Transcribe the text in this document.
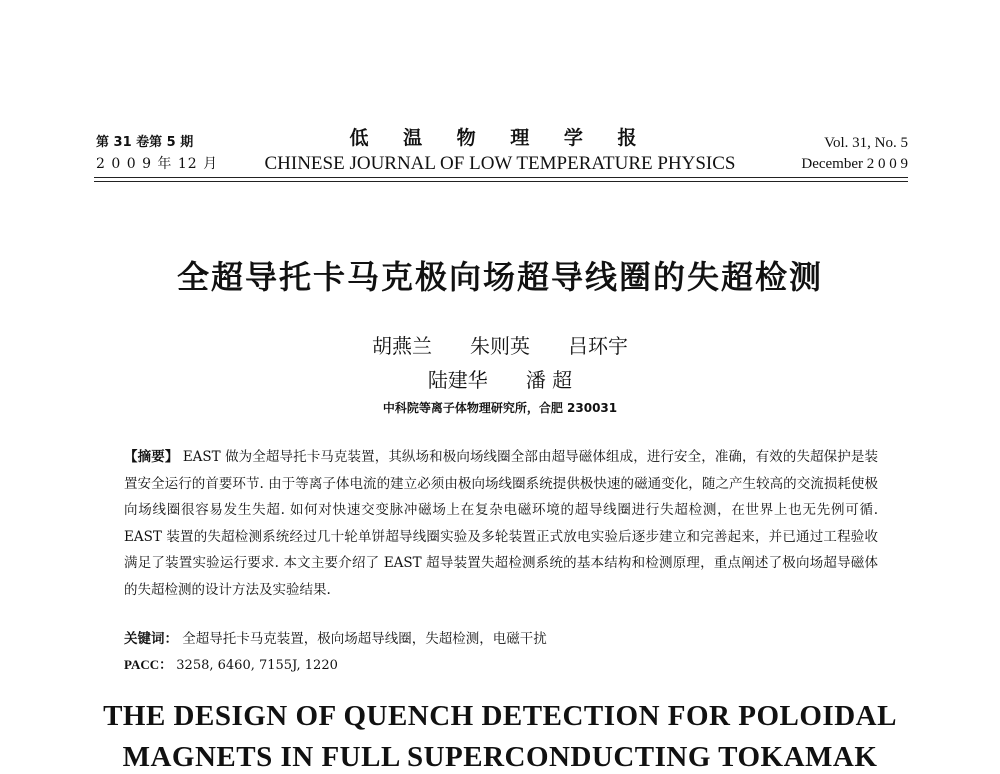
第 31 卷第 5 期
2 0 0 9 年 12 月
低 温 物 理 学 报
CHINESE JOURNAL OF LOW TEMPERATURE PHYSICS
Vol. 31, No. 5
December 2 0 0 9
全超导托卡马克极向场超导线圈的失超检测
胡燕兰 朱则英 吕环宇
陆建华 潘 超
中科院等离子体物理研究所，合肥 230031
【摘要】 EAST 做为全超导托卡马克装置，其纵场和极向场线圈全部由超导磁体组成，进行安全，准确，有效的失超保护是装置安全运行的首要环节. 由于等离子体电流的建立必须由极向场线圈系统提供极快速的磁通变化，随之产生较高的交流损耗使极向场线圈很容易发生失超. 如何对快速交变脉冲磁场上在复杂电磁环境的超导线圈进行失超检测，在世界上也无先例可循. EAST 装置的失超检测系统经过几十轮单饼超导线圈实验及多轮装置正式放电实验后逐步建立和完善起来，并已通过工程验收满足了装置实验运行要求. 本文主要介绍了 EAST 超导装置失超检测系统的基本结构和检测原理，重点阐述了极向场超导磁体的失超检测的设计方法及实验结果.
关键词： 全超导托卡马克装置，极向场超导线圈，失超检测，电磁干扰
PACC： 3258, 6460, 7155J, 1220
THE DESIGN OF QUENCH DETECTION FOR POLOIDAL
MAGNETS IN FULL SUPERCONDUCTING TOKAMAK
